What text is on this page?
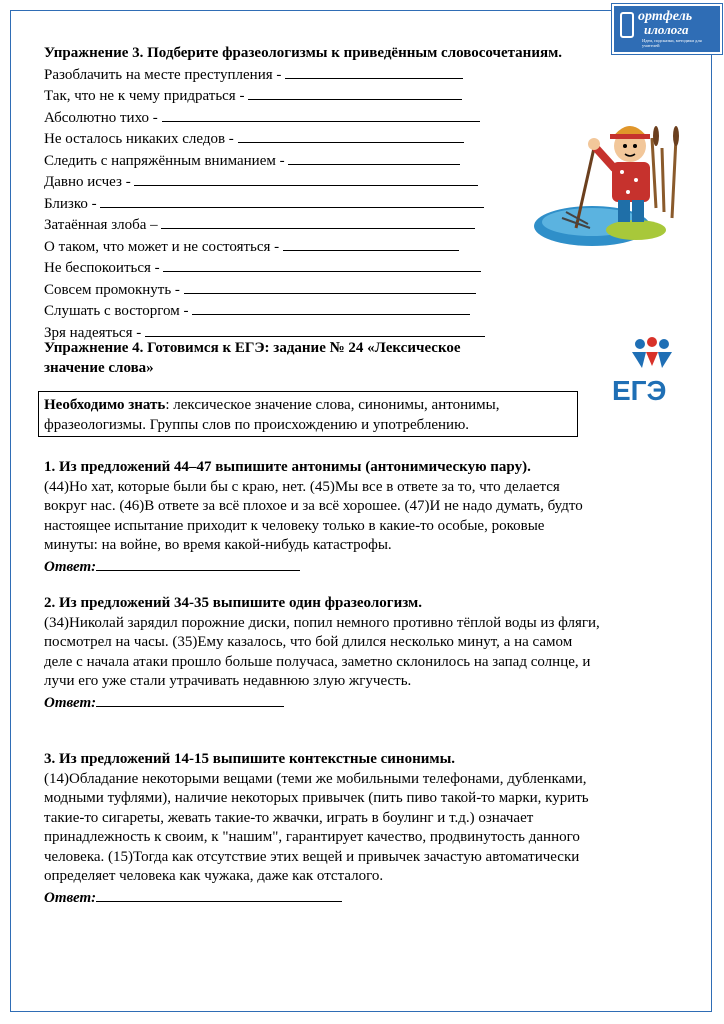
ортфель
илолога
Идеи, подсказки, методики для учителей
Упражнение 3. Подберите фразеологизмы к приведённым словосочетаниям.
Разоблачить на месте преступления -
Так, что не к чему придраться -
Абсолютно тихо -
Не осталось никаких следов -
Следить с напряжённым вниманием -
Давно исчез -
Близко -
Затаённая злоба –
О таком, что может и не состояться -
Не беспокоиться -
Совсем промокнуть -
Слушать с восторгом -
Зря надеяться -
Упражнение 4. Готовимся к ЕГЭ: задание № 24 «Лексическое
значение слова»
ЕГЭ
Необходимо знать: лексическое значение слова, синонимы, антонимы,
фразеологизмы. Группы слов по происхождению и употреблению.
1. Из предложений 44–47 выпишите антонимы (антонимическую пару).
(44)Но хат, которые были бы с краю, нет. (45)Мы все в ответе за то, что делается
вокруг нас. (46)В ответе за всё плохое и за всё хорошее. (47)И не надо думать, будто
настоящее испытание приходит к человеку только в какие-то особые, роковые
минуты: на войне, во время какой-нибудь катастрофы.
Ответ:
2. Из предложений 34-35 выпишите один фразеологизм.
(34)Николай зарядил порожние диски, попил немного противно тёплой воды из фляги,
посмотрел на часы. (35)Ему казалось, что бой длился несколько минут, а на самом
деле с начала атаки прошло больше получаса, заметно склонилось на запад солнце, и
лучи его уже стали утрачивать недавнюю злую жгучесть.
Ответ:
3. Из предложений 14-15 выпишите контекстные синонимы.
(14)Обладание некоторыми вещами (теми же мобильными телефонами, дубленками,
модными туфлями), наличие некоторых привычек (пить пиво такой-то марки, курить
такие-то сигареты, жевать такие-то жвачки, играть в боулинг и т.д.) означает
принадлежность к своим, к "нашим", гарантирует качество, продвинутость данного
человека. (15)Тогда как отсутствие этих вещей и привычек зачастую автоматически
определяет человека как чужака, даже как отсталого.
Ответ:
